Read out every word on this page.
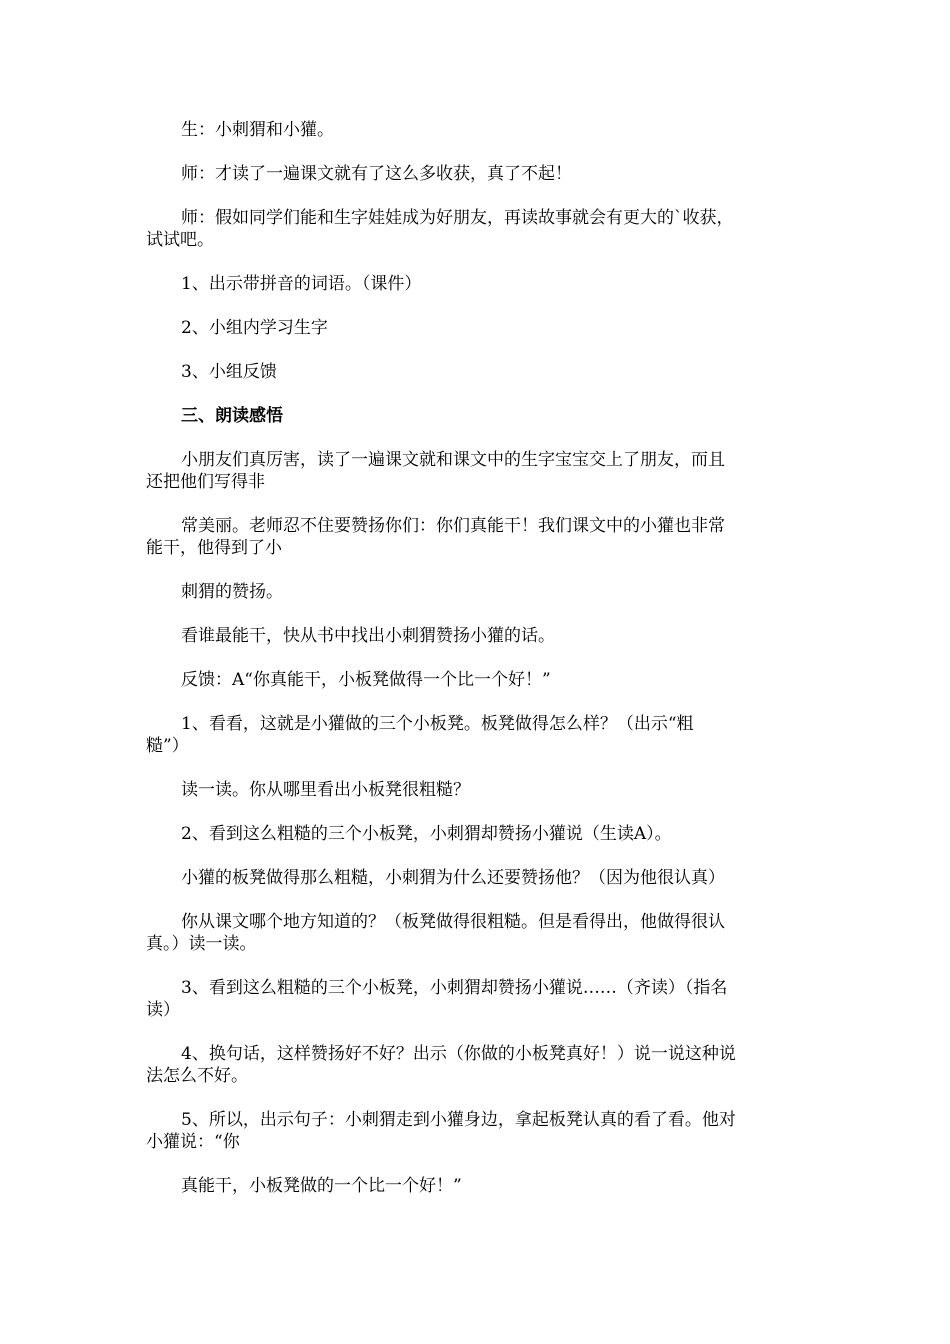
生：小刺猬和小獾。
师：才读了一遍课文就有了这么多收获，真了不起！
师：假如同学们能和生字娃娃成为好朋友，再读故事就会有更大的`收获，
试试吧。
1、出示带拼音的词语。（课件）
2、小组内学习生字
3、小组反馈
三、朗读感悟
小朋友们真厉害，读了一遍课文就和课文中的生字宝宝交上了朋友，而且
还把他们写得非
常美丽。老师忍不住要赞扬你们：你们真能干！我们课文中的小獾也非常
能干，他得到了小
刺猬的赞扬。
看谁最能干，快从书中找出小刺猬赞扬小獾的话。
反馈：A“你真能干，小板凳做得一个比一个好！”
1、看看，这就是小獾做的三个小板凳。板凳做得怎么样？（出示“粗
糙”）
读一读。你从哪里看出小板凳很粗糙？
2、看到这么粗糙的三个小板凳，小刺猬却赞扬小獾说（生读A）。
小獾的板凳做得那么粗糙，小刺猬为什么还要赞扬他？（因为他很认真）
你从课文哪个地方知道的？（板凳做得很粗糙。但是看得出，他做得很认
真。）读一读。
3、看到这么粗糙的三个小板凳，小刺猬却赞扬小獾说……（齐读）（指名
读）
4、换句话，这样赞扬好不好？出示（你做的小板凳真好！）说一说这种说
法怎么不好。
5、所以，出示句子：小刺猬走到小獾身边，拿起板凳认真的看了看。他对
小獾说：“你
真能干，小板凳做的一个比一个好！”
